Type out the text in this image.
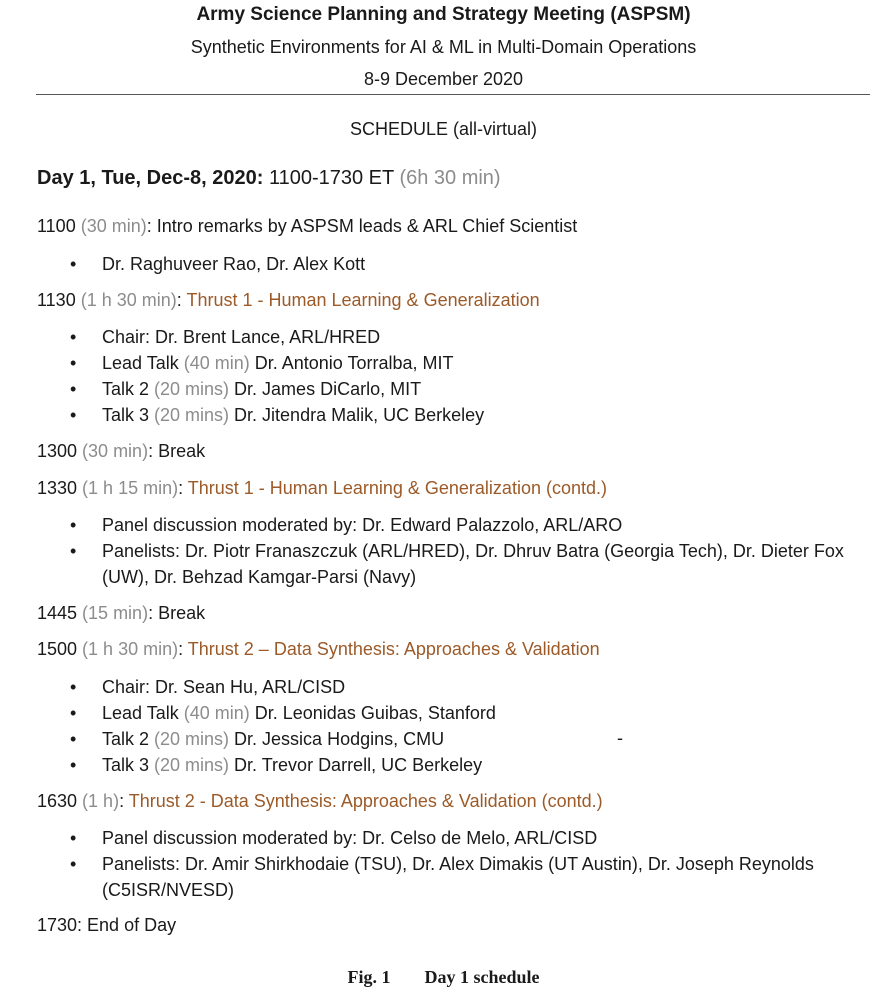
Army Science Planning and Strategy Meeting (ASPSM)
Synthetic Environments for AI & ML in Multi-Domain Operations
8-9 December 2020
SCHEDULE (all-virtual)
Day 1, Tue, Dec-8, 2020: 1100-1730 ET (6h 30 min)
1100 (30 min): Intro remarks by ASPSM leads & ARL Chief Scientist
• Dr. Raghuveer Rao, Dr. Alex Kott
1130 (1 h 30 min): Thrust 1 - Human Learning & Generalization
• Chair: Dr. Brent Lance, ARL/HRED
• Lead Talk (40 min) Dr. Antonio Torralba, MIT
• Talk 2 (20 mins) Dr. James DiCarlo, MIT
• Talk 3 (20 mins) Dr. Jitendra Malik, UC Berkeley
1300 (30 min): Break
1330 (1 h 15 min): Thrust 1 - Human Learning & Generalization (contd.)
• Panel discussion moderated by: Dr. Edward Palazzolo, ARL/ARO
• Panelists: Dr. Piotr Franaszczuk (ARL/HRED), Dr. Dhruv Batra (Georgia Tech), Dr. Dieter Fox (UW), Dr. Behzad Kamgar-Parsi (Navy)
1445 (15 min): Break
1500 (1 h 30 min): Thrust 2 – Data Synthesis: Approaches & Validation
• Chair: Dr. Sean Hu, ARL/CISD
• Lead Talk (40 min) Dr. Leonidas Guibas, Stanford
• Talk 2 (20 mins) Dr. Jessica Hodgins, CMU
• Talk 3 (20 mins) Dr. Trevor Darrell, UC Berkeley
-
1630 (1 h): Thrust 2 - Data Synthesis: Approaches & Validation (contd.)
• Panel discussion moderated by: Dr. Celso de Melo, ARL/CISD
• Panelists: Dr. Amir Shirkhodaie (TSU), Dr. Alex Dimakis (UT Austin), Dr. Joseph Reynolds (C5ISR/NVESD)
1730: End of Day
Fig. 1 Day 1 schedule
